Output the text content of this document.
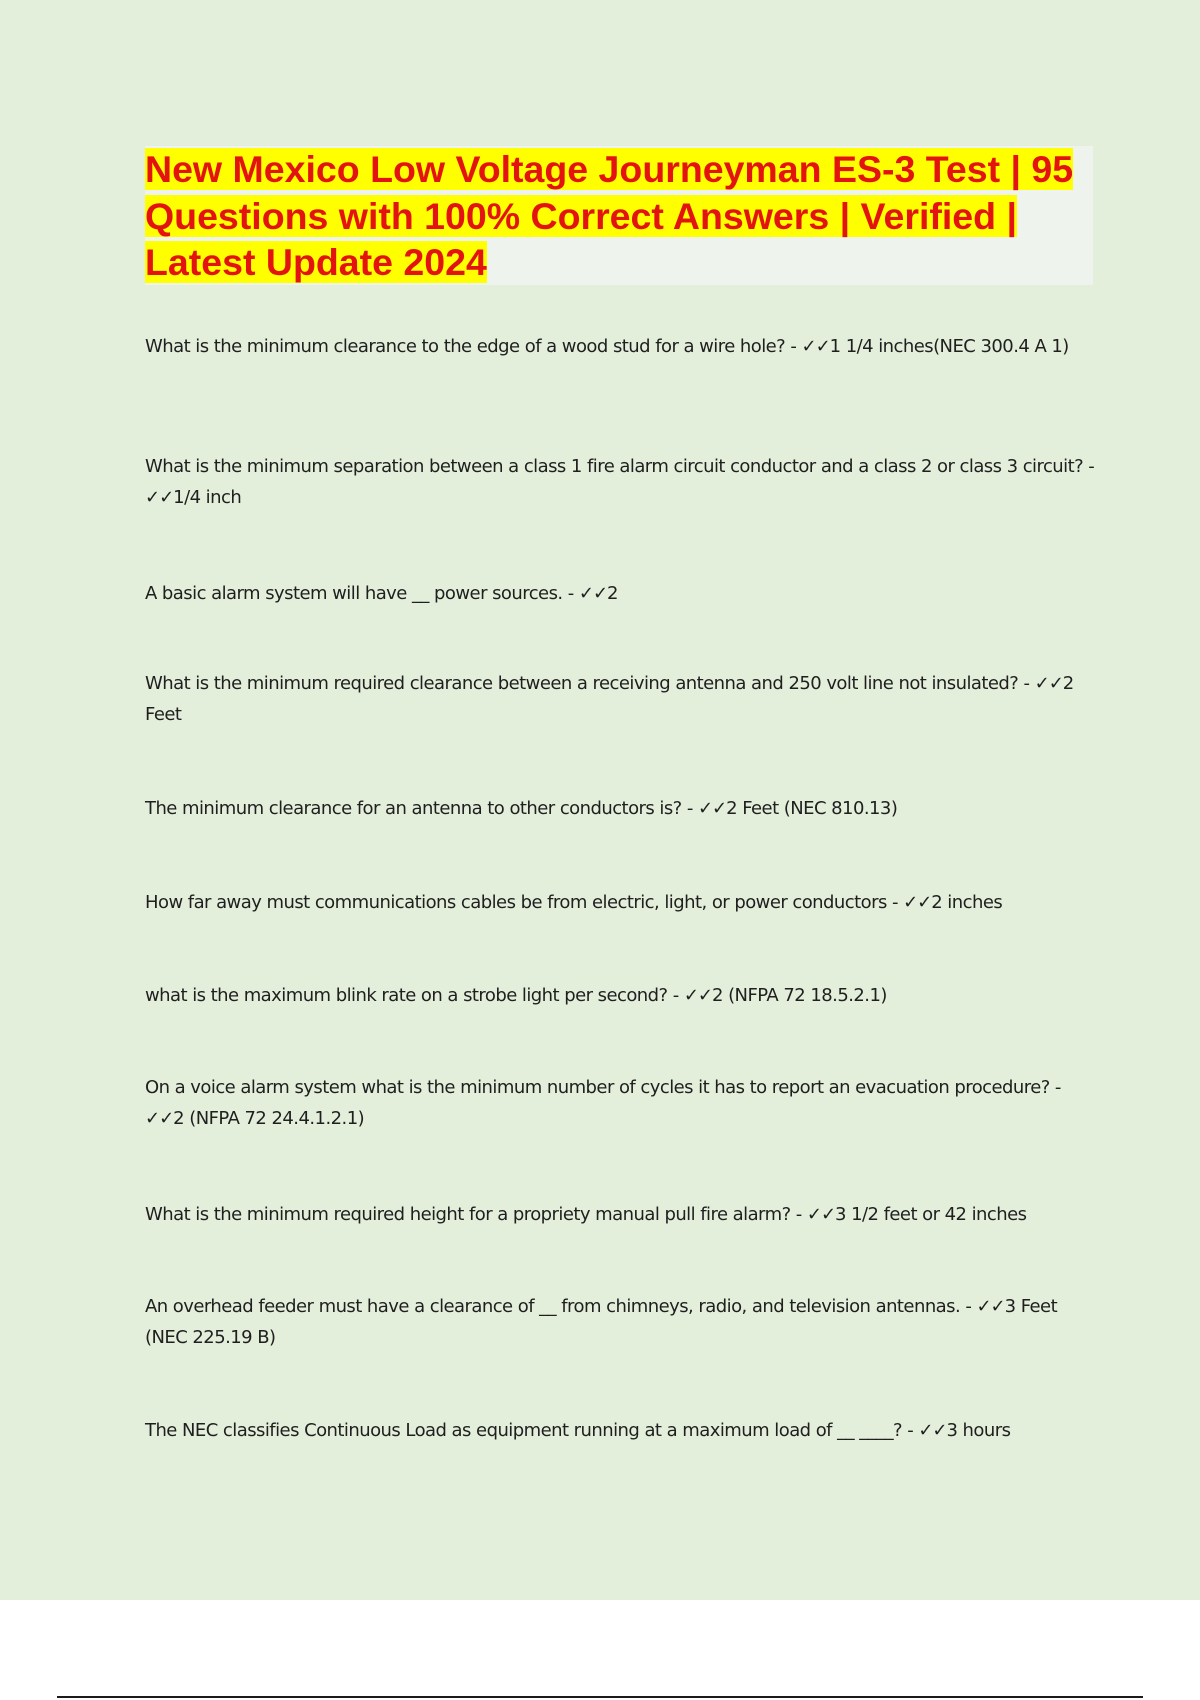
New Mexico Low Voltage Journeyman ES-3 Test | 95 Questions with 100% Correct Answers | Verified | Latest Update 2024

What is the minimum clearance to the edge of a wood stud for a wire hole? - ✓✓1 1/4 inches(NEC 300.4 A 1)

What is the minimum separation between a class 1 fire alarm circuit conductor and a class 2 or class 3 circuit? - ✓✓1/4 inch

A basic alarm system will have __ power sources. - ✓✓2

What is the minimum required clearance between a receiving antenna and 250 volt line not insulated? - ✓✓2 Feet

The minimum clearance for an antenna to other conductors is? - ✓✓2 Feet (NEC 810.13)

How far away must communications cables be from electric, light, or power conductors - ✓✓2 inches

what is the maximum blink rate on a strobe light per second? - ✓✓2 (NFPA 72 18.5.2.1)

On a voice alarm system what is the minimum number of cycles it has to report an evacuation procedure? - ✓✓2 (NFPA 72 24.4.1.2.1)

What is the minimum required height for a propriety manual pull fire alarm? - ✓✓3 1/2 feet or 42 inches

An overhead feeder must have a clearance of __ from chimneys, radio, and television antennas. - ✓✓3 Feet (NEC 225.19 B)

The NEC classifies Continuous Load as equipment running at a maximum load of __ ____? - ✓✓3 hours
